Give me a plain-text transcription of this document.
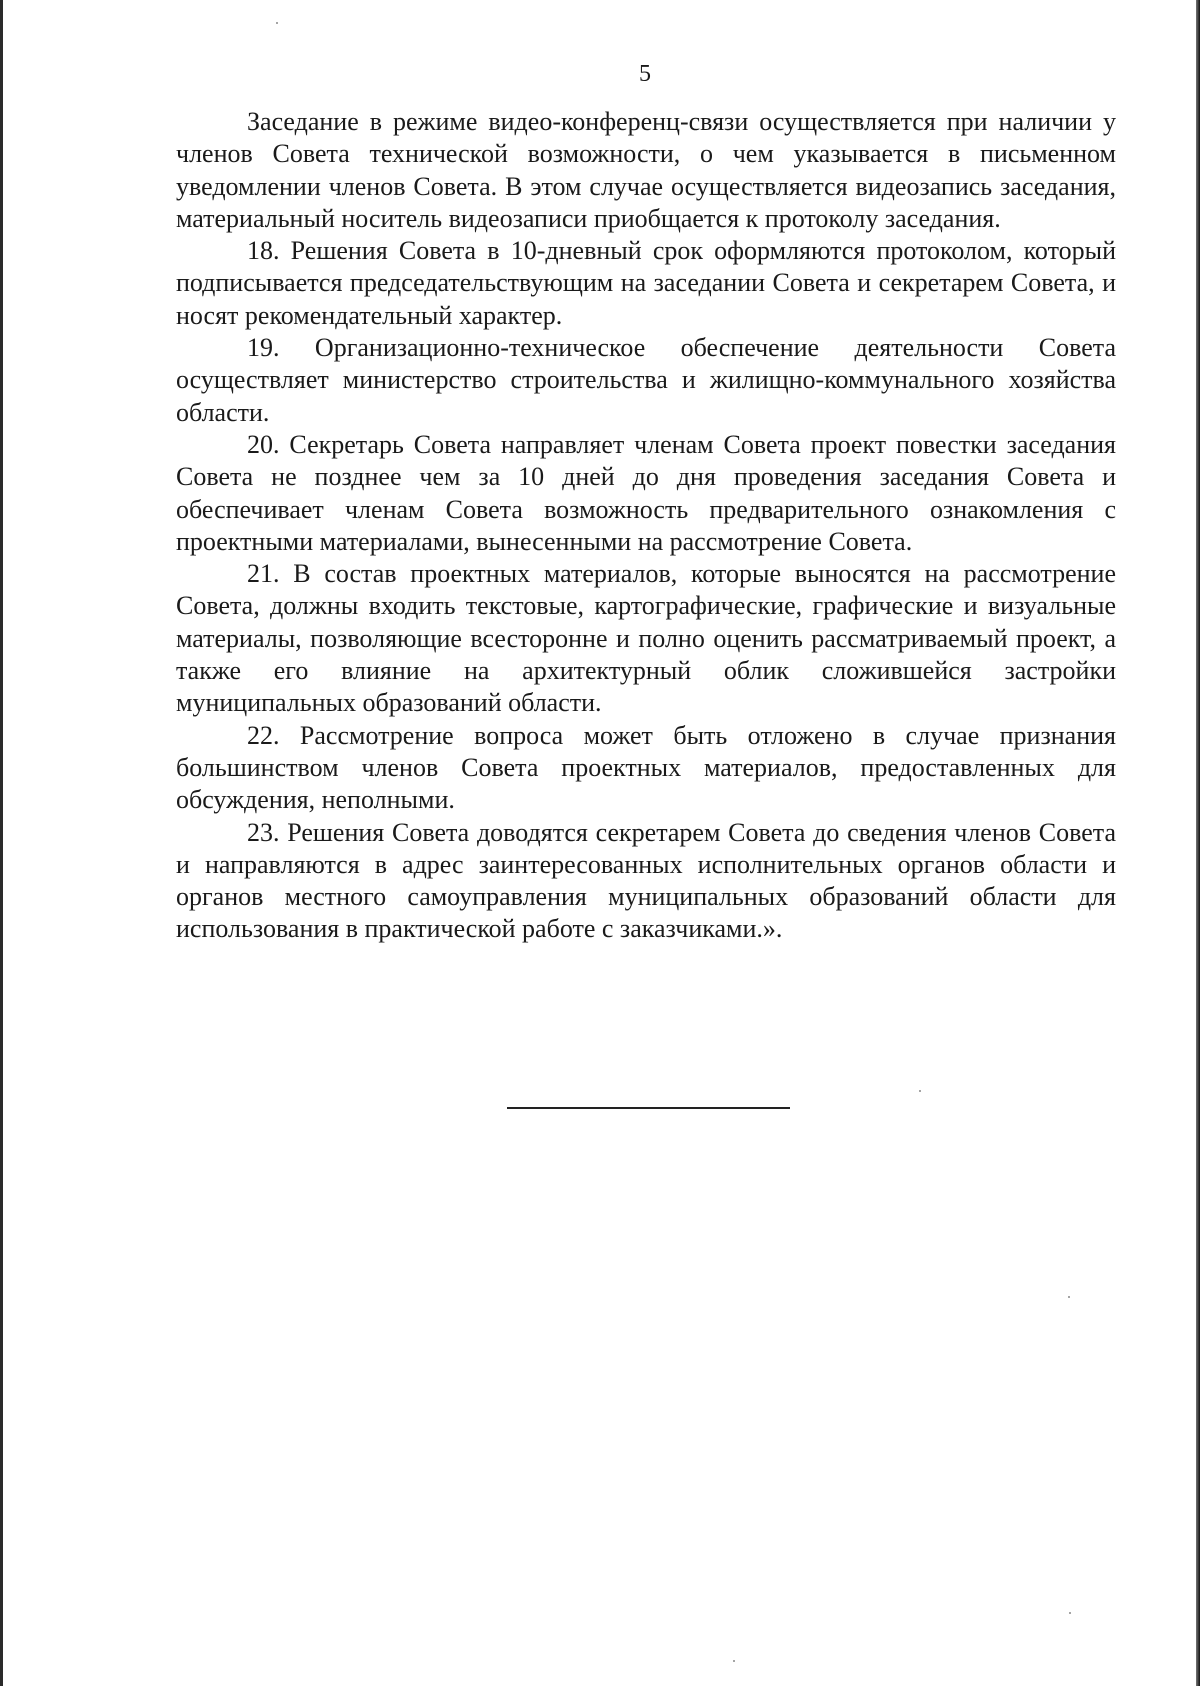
5

Заседание в режиме видео-конференц-связи осуществляется при наличии у членов Совета технической возможности, о чем указывается в письменном уведомлении членов Совета. В этом случае осуществляется видеозапись заседания, материальный носитель видеозаписи приобщается к протоколу заседания.

18. Решения Совета в 10-дневный срок оформляются протоколом, который подписывается председательствующим на заседании Совета и секретарем Совета, и носят рекомендательный характер.

19. Организационно-техническое обеспечение деятельности Совета осуществляет министерство строительства и жилищно-коммунального хозяйства области.

20. Секретарь Совета направляет членам Совета проект повестки заседания Совета не позднее чем за 10 дней до дня проведения заседания Совета и обеспечивает членам Совета возможность предварительного ознакомления с проектными материалами, вынесенными на рассмотрение Совета.

21. В состав проектных материалов, которые выносятся на рассмотрение Совета, должны входить текстовые, картографические, графические и визуальные материалы, позволяющие всесторонне и полно оценить рассматриваемый проект, а также его влияние на архитектурный облик сложившейся застройки муниципальных образований области.

22. Рассмотрение вопроса может быть отложено в случае признания большинством членов Совета проектных материалов, предоставленных для обсуждения, неполными.

23. Решения Совета доводятся секретарем Совета до сведения членов Совета и направляются в адрес заинтересованных исполнительных органов области и органов местного самоуправления муниципальных образований области для использования в практической работе с заказчиками.».
